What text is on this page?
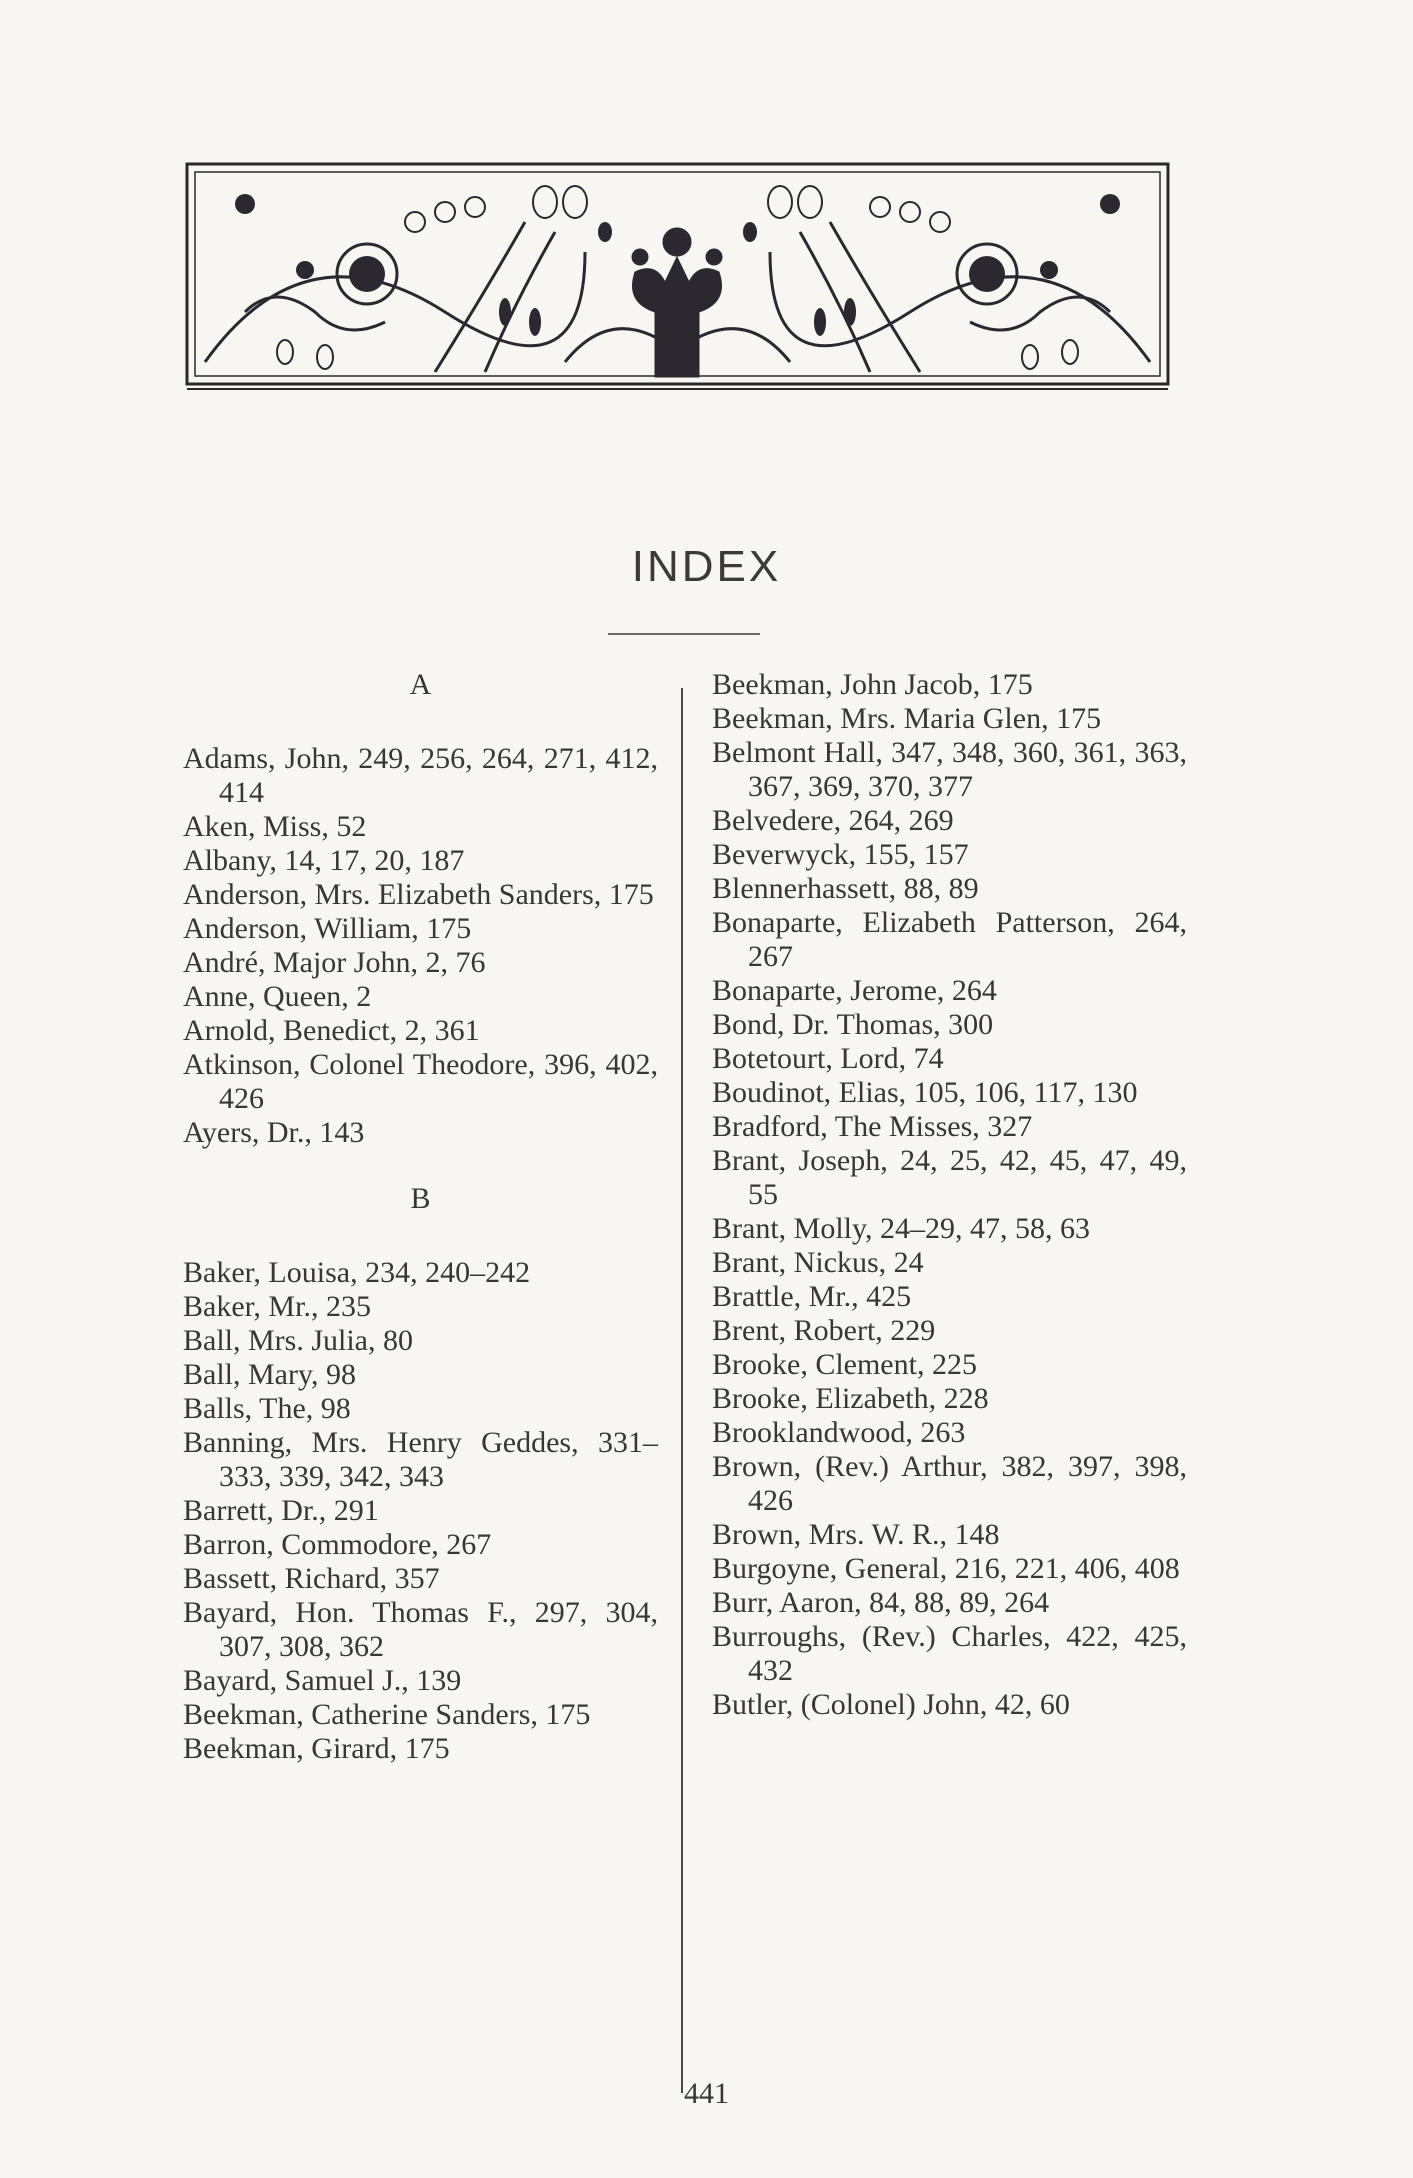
INDEX
A
Adams, John, 249, 256, 264, 271, 412, 414
Aken, Miss, 52
Albany, 14, 17, 20, 187
Anderson, Mrs. Elizabeth Sanders, 175
Anderson, William, 175
André, Major John, 2, 76
Anne, Queen, 2
Arnold, Benedict, 2, 361
Atkinson, Colonel Theodore, 396, 402, 426
Ayers, Dr., 143
B
Baker, Louisa, 234, 240–242
Baker, Mr., 235
Ball, Mrs. Julia, 80
Ball, Mary, 98
Balls, The, 98
Banning, Mrs. Henry Geddes, 331–333, 339, 342, 343
Barrett, Dr., 291
Barron, Commodore, 267
Bassett, Richard, 357
Bayard, Hon. Thomas F., 297, 304, 307, 308, 362
Bayard, Samuel J., 139
Beekman, Catherine Sanders, 175
Beekman, Girard, 175
Beekman, John Jacob, 175
Beekman, Mrs. Maria Glen, 175
Belmont Hall, 347, 348, 360, 361, 363, 367, 369, 370, 377
Belvedere, 264, 269
Beverwyck, 155, 157
Blennerhassett, 88, 89
Bonaparte, Elizabeth Patterson, 264, 267
Bonaparte, Jerome, 264
Bond, Dr. Thomas, 300
Botetourt, Lord, 74
Boudinot, Elias, 105, 106, 117, 130
Bradford, The Misses, 327
Brant, Joseph, 24, 25, 42, 45, 47, 49, 55
Brant, Molly, 24–29, 47, 58, 63
Brant, Nickus, 24
Brattle, Mr., 425
Brent, Robert, 229
Brooke, Clement, 225
Brooke, Elizabeth, 228
Brooklandwood, 263
Brown, (Rev.) Arthur, 382, 397, 398, 426
Brown, Mrs. W. R., 148
Burgoyne, General, 216, 221, 406, 408
Burr, Aaron, 84, 88, 89, 264
Burroughs, (Rev.) Charles, 422, 425, 432
Butler, (Colonel) John, 42, 60
441
